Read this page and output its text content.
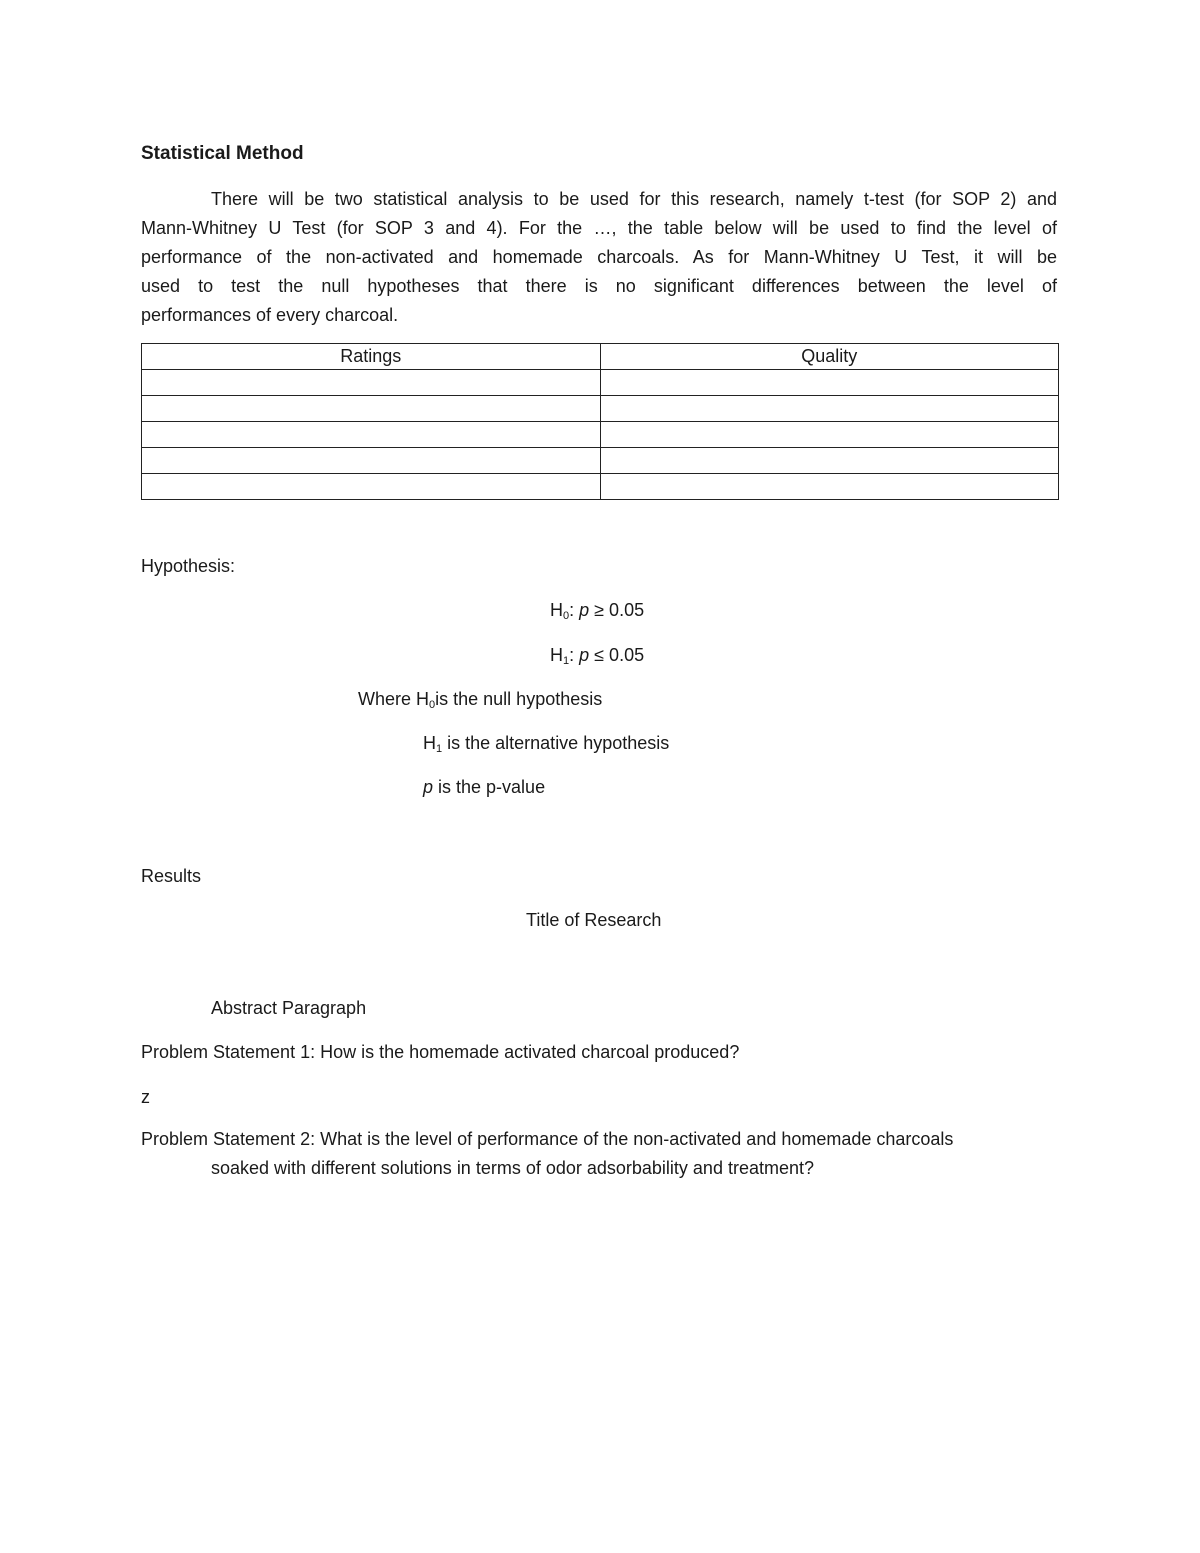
Statistical Method
There will be two statistical analysis to be used for this research, namely t-test (for SOP 2) and
Mann-Whitney U Test (for SOP 3 and 4). For the …, the table below will be used to find the level of
performance of the non-activated and homemade charcoals. As for Mann-Whitney U Test, it will be
used to test the null hypotheses that there is no significant differences between the level of
performances of every charcoal.
Ratings	Quality

Hypothesis:
$H_0$: p ≥ 0.05
$H_1$: p ≤ 0.05
Where $H_0is$ the null hypothesis
$H_1$ is the alternative hypothesis
p is the p-value
Results
Title of Research
Abstract Paragraph
Problem Statement 1: How is the homemade activated charcoal produced?
z
Problem Statement 2: What is the level of performance of the non-activated and homemade charcoals
soaked with different solutions in terms of odor adsorbability and treatment?
